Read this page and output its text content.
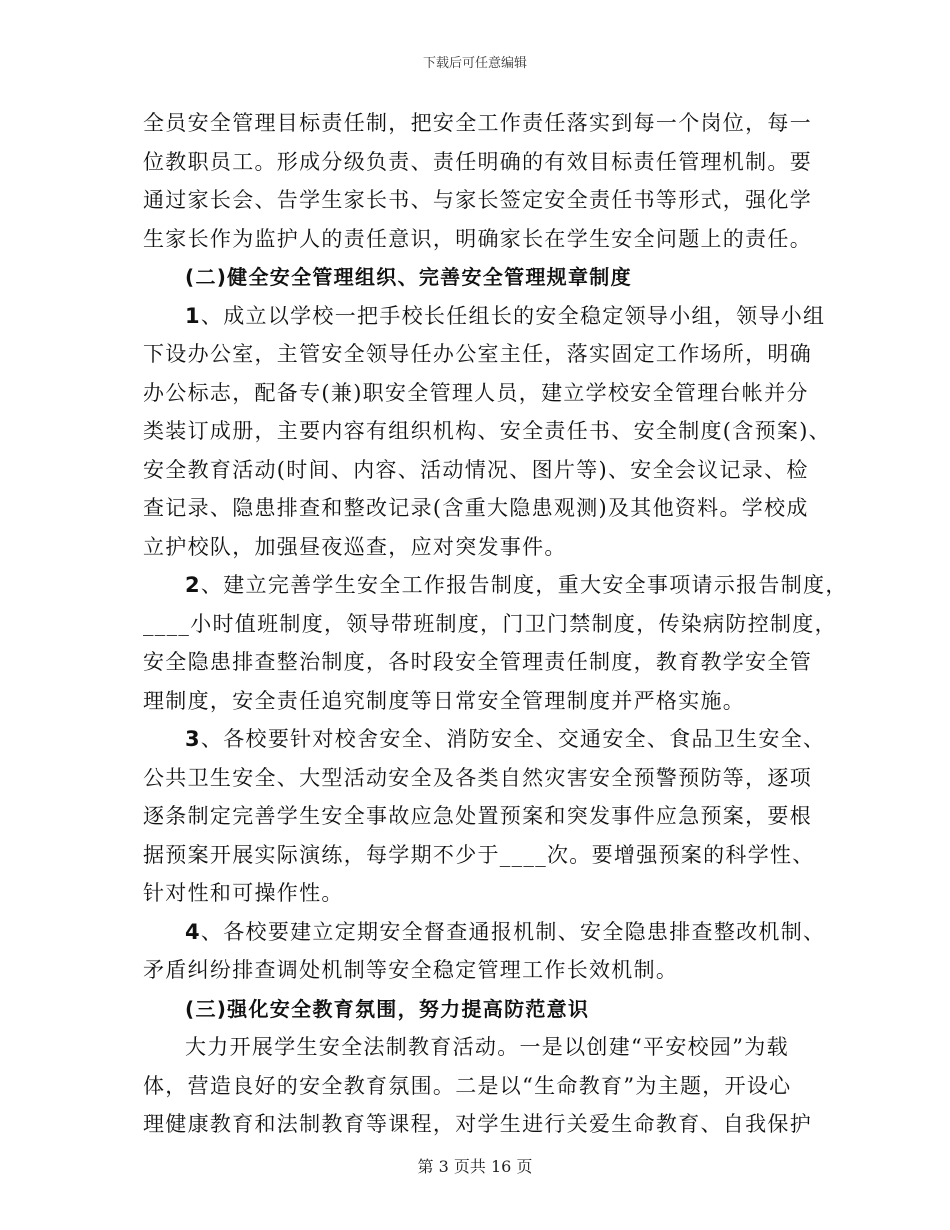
下载后可任意编辑
全员安全管理目标责任制，把安全工作责任落实到每一个岗位，每一
位教职员工。形成分级负责、责任明确的有效目标责任管理机制。要
通过家长会、告学生家长书、与家长签定安全责任书等形式，强化学
生家长作为监护人的责任意识，明确家长在学生安全问题上的责任。
(二)健全安全管理组织、完善安全管理规章制度
1、成立以学校一把手校长任组长的安全稳定领导小组，领导小组
下设办公室，主管安全领导任办公室主任，落实固定工作场所，明确
办公标志，配备专(兼)职安全管理人员，建立学校安全管理台帐并分
类装订成册，主要内容有组织机构、安全责任书、安全制度(含预案)、
安全教育活动(时间、内容、活动情况、图片等)、安全会议记录、检
查记录、隐患排查和整改记录(含重大隐患观测)及其他资料。学校成
立护校队，加强昼夜巡查，应对突发事件。
2、建立完善学生安全工作报告制度，重大安全事项请示报告制度，
____小时值班制度，领导带班制度，门卫门禁制度，传染病防控制度，
安全隐患排查整治制度，各时段安全管理责任制度，教育教学安全管
理制度，安全责任追究制度等日常安全管理制度并严格实施。
3、各校要针对校舍安全、消防安全、交通安全、食品卫生安全、
公共卫生安全、大型活动安全及各类自然灾害安全预警预防等，逐项
逐条制定完善学生安全事故应急处置预案和突发事件应急预案，要根
据预案开展实际演练，每学期不少于____次。要增强预案的科学性、
针对性和可操作性。
4、各校要建立定期安全督查通报机制、安全隐患排查整改机制、
矛盾纠纷排查调处机制等安全稳定管理工作长效机制。
(三)强化安全教育氛围，努力提高防范意识
大力开展学生安全法制教育活动。一是以创建“平安校园”为载
体，营造良好的安全教育氛围。二是以“生命教育”为主题，开设心
理健康教育和法制教育等课程，对学生进行关爱生命教育、自我保护
第 3 页共 16 页
